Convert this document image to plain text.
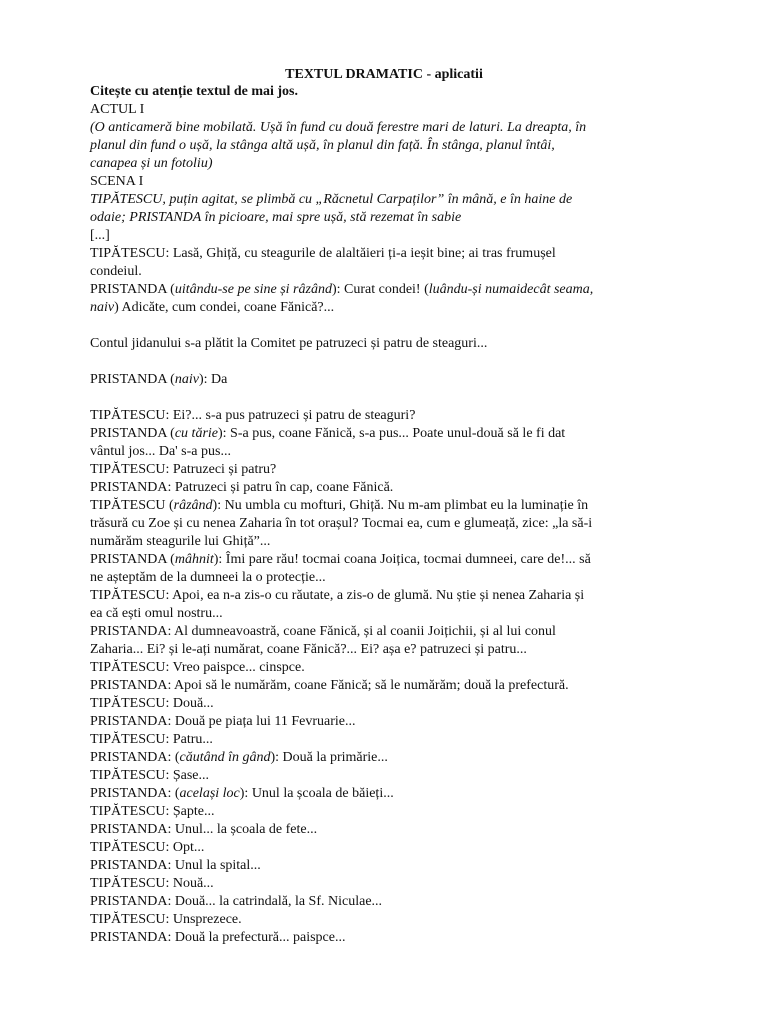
TEXTUL DRAMATIC - aplicatii
Citește cu atenție textul de mai jos.
ACTUL I
(O anticameră bine mobilată. Ușă în fund cu două ferestre mari de laturi. La dreapta, în
planul din fund o ușă, la stânga altă ușă, în planul din față. În stânga, planul întâi,
canapea și un fotoliu)
SCENA I
TIPĂTESCU, puțin agitat, se plimbă cu „Răcnetul Carpaților” în mână, e în haine de
odaie; PRISTANDA în picioare, mai spre ușă, stă rezemat în sabie
[...]
TIPĂTESCU: Lasă, Ghiță, cu steagurile de alaltăieri ți-a ieșit bine; ai tras frumușel
condeiul.
PRISTANDA (uitându-se pe sine și râzând): Curat condei! (luându-și numaidecât seama,
naiv) Adicăte, cum condei, coane Fănică?...
Contul jidanului s-a plătit la Comitet pe patruzeci și patru de steaguri...
PRISTANDA (naiv): Da
TIPĂTESCU: Ei?... s-a pus patruzeci și patru de steaguri?
PRISTANDA (cu tărie): S-a pus, coane Fănică, s-a pus... Poate unul-două să le fi dat
vântul jos... Da' s-a pus...
TIPĂTESCU: Patruzeci și patru?
PRISTANDA: Patruzeci și patru în cap, coane Fănică.
TIPĂTESCU (râzând): Nu umbla cu mofturi, Ghiță. Nu m-am plimbat eu la luminație în
trăsură cu Zoe și cu nenea Zaharia în tot orașul? Tocmai ea, cum e glumeață, zice: „la să-i
numărăm steagurile lui Ghiță”...
PRISTANDA (mâhnit): Îmi pare rău! tocmai coana Joițica, tocmai dumneei, care de!... să
ne așteptăm de la dumneei la o protecție...
TIPĂTESCU: Apoi, ea n-a zis-o cu răutate, a zis-o de glumă. Nu știe și nenea Zaharia și
ea că ești omul nostru...
PRISTANDA: Al dumneavoastră, coane Fănică, și al coanii Joițichii, și al lui conul
Zaharia... Ei? și le-ați numărat, coane Fănică?... Ei? așa e? patruzeci și patru...
TIPĂTESCU: Vreo paispce... cinspce.
PRISTANDA: Apoi să le numărăm, coane Fănică; să le numărăm; două la prefectură.
TIPĂTESCU: Două...
PRISTANDA: Două pe piața lui 11 Fevruarie...
TIPĂTESCU: Patru...
PRISTANDA: (căutând în gând): Două la primărie...
TIPĂTESCU: Șase...
PRISTANDA: (același loc): Unul la școala de băieți...
TIPĂTESCU: Șapte...
PRISTANDA: Unul... la școala de fete...
TIPĂTESCU: Opt...
PRISTANDA: Unul la spital...
TIPĂTESCU: Nouă...
PRISTANDA: Două... la catrindală, la Sf. Niculae...
TIPĂTESCU: Unsprezece.
PRISTANDA: Două la prefectură... paispce...
